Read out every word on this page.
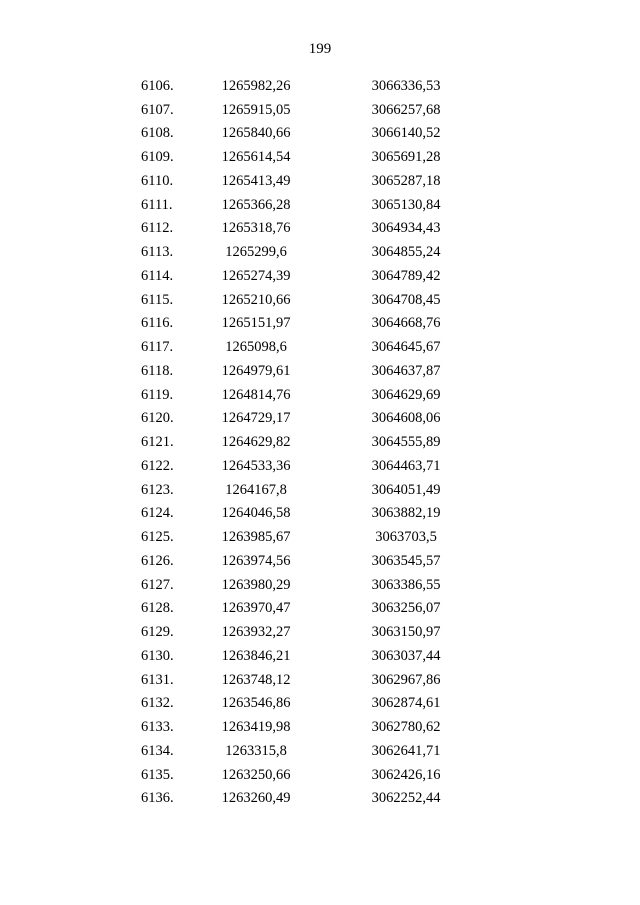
199
6106.	1265982,26	3066336,53	
6107.	1265915,05	3066257,68	
6108.	1265840,66	3066140,52	
6109.	1265614,54	3065691,28	
6110.	1265413,49	3065287,18	
6111.	1265366,28	3065130,84	
6112.	1265318,76	3064934,43	
6113.	1265299,6	3064855,24	
6114.	1265274,39	3064789,42	
6115.	1265210,66	3064708,45	
6116.	1265151,97	3064668,76	
6117.	1265098,6	3064645,67	
6118.	1264979,61	3064637,87	
6119.	1264814,76	3064629,69	
6120.	1264729,17	3064608,06	
6121.	1264629,82	3064555,89	
6122.	1264533,36	3064463,71	
6123.	1264167,8	3064051,49	
6124.	1264046,58	3063882,19	
6125.	1263985,67	3063703,5	
6126.	1263974,56	3063545,57	
6127.	1263980,29	3063386,55	
6128.	1263970,47	3063256,07	
6129.	1263932,27	3063150,97	
6130.	1263846,21	3063037,44	
6131.	1263748,12	3062967,86	
6132.	1263546,86	3062874,61	
6133.	1263419,98	3062780,62	
6134.	1263315,8	3062641,71	
6135.	1263250,66	3062426,16	
6136.	1263260,49	3062252,44	
